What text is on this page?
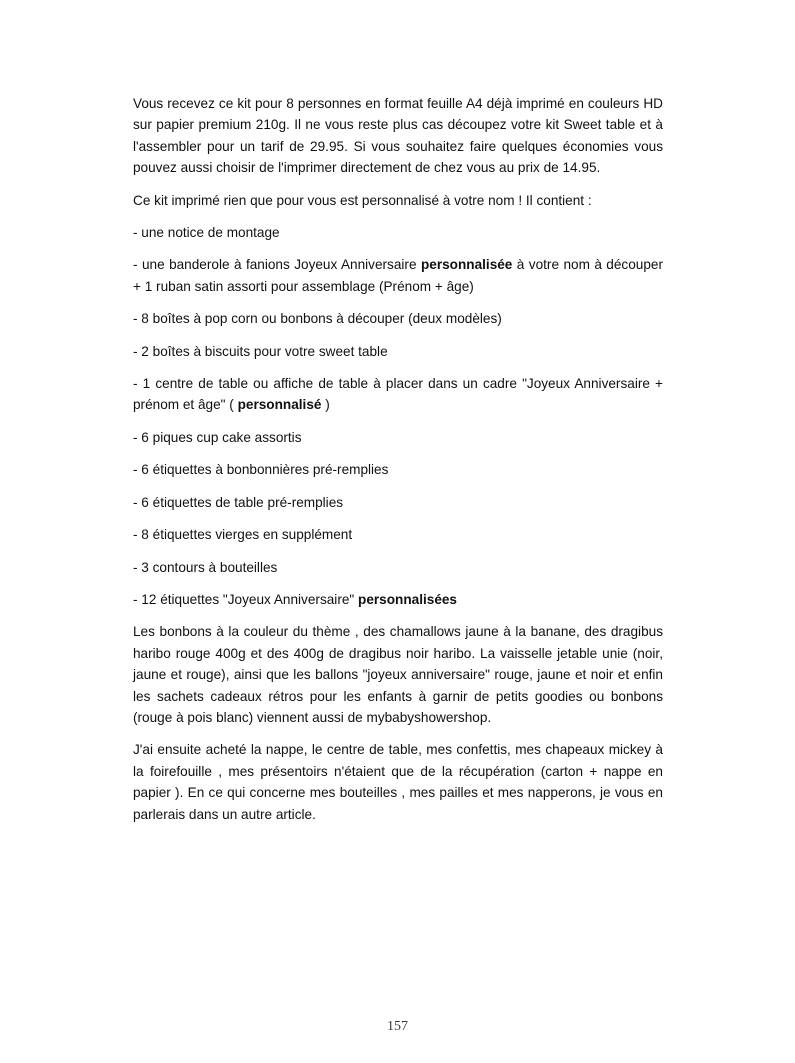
Vous recevez ce kit pour 8 personnes en format feuille A4 déjà imprimé en couleurs HD sur papier premium 210g. Il ne vous reste plus cas découpez votre kit Sweet table et à l'assembler pour un tarif de 29.95. Si vous souhaitez faire quelques économies vous pouvez aussi choisir de l'imprimer directement de chez vous au prix de 14.95.

Ce kit imprimé rien que pour vous est personnalisé à votre nom ! Il contient :

- une notice de montage

- une banderole à fanions Joyeux Anniversaire personnalisée à votre nom à découper + 1 ruban satin assorti pour assemblage (Prénom + âge)

- 8 boîtes à pop corn ou bonbons à découper (deux modèles)

- 2 boîtes à biscuits pour votre sweet table

- 1 centre de table ou affiche de table à placer dans un cadre "Joyeux Anniversaire + prénom et âge" ( personnalisé )

- 6 piques cup cake assortis

- 6 étiquettes à bonbonnières pré-remplies

- 6 étiquettes de table pré-remplies

- 8 étiquettes vierges en supplément

- 3 contours à bouteilles

- 12 étiquettes "Joyeux Anniversaire" personnalisées

Les bonbons à la couleur du thème , des chamallows jaune à la banane, des dragibus haribo rouge 400g et des 400g de dragibus noir haribo. La vaisselle jetable unie (noir, jaune et rouge), ainsi que les ballons "joyeux anniversaire" rouge, jaune et noir et enfin les sachets cadeaux rétros pour les enfants à garnir de petits goodies ou bonbons (rouge à pois blanc) viennent aussi de mybabyshowershop.

J'ai ensuite acheté la nappe, le centre de table, mes confettis, mes chapeaux mickey à la foirefouille , mes présentoirs n'étaient que de la récupération (carton + nappe en papier ). En ce qui concerne mes bouteilles , mes pailles et mes napperons, je vous en parlerais dans un autre article.

157
